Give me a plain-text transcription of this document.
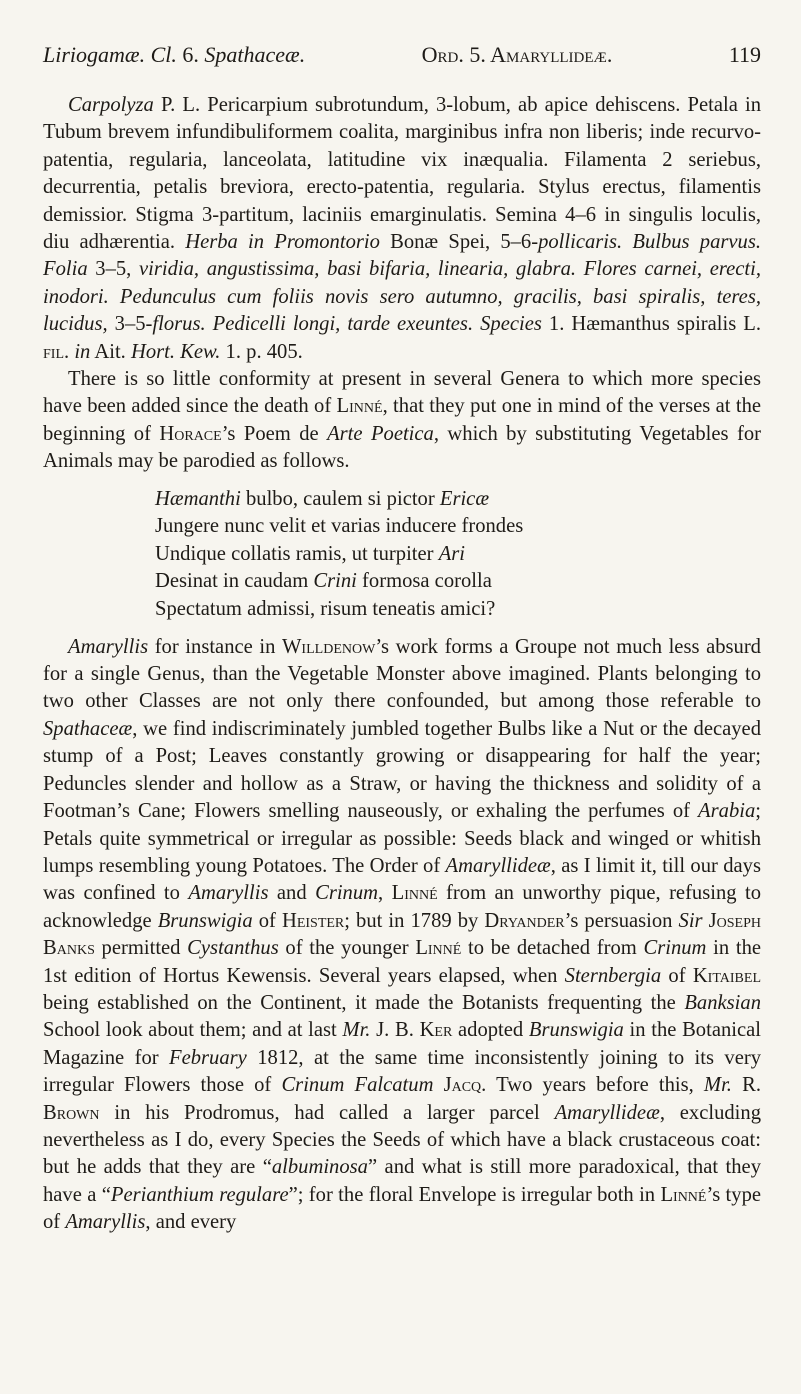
Liriogamæ. Cl. 6. Spathaceæ.	Ord. 5. Amaryllideæ.	119

Carpolyza P. L. Pericarpium subrotundum, 3-lobum, ab apice dehiscens. Petala in Tubum brevem infundibuliformem coalita, marginibus infra non liberis; inde recurvo-patentia, regularia, lanceolata, latitudine vix inæqualia. Filamenta 2 seriebus, decurrentia, petalis breviora, erecto-patentia, regularia. Stylus erectus, filamentis demissior. Stigma 3-partitum, laciniis emarginulatis. Semina 4–6 in singulis loculis, diu adhærentia. Herba in Promontorio Bonæ Spei, 5–6-pollicaris. Bulbus parvus. Folia 3–5, viridia, angustissima, basi bifaria, linearia, glabra. Flores carnei, erecti, inodori. Pedunculus cum foliis novis sero autumno, gracilis, basi spiralis, teres, lucidus, 3–5-florus. Pedicelli longi, tarde exeuntes. Species 1. Hæmanthus spiralis L. fil. in Ait. Hort. Kew. 1. p. 405.

There is so little conformity at present in several Genera to which more species have been added since the death of Linné, that they put one in mind of the verses at the beginning of Horace’s Poem de Arte Poetica, which by substituting Vegetables for Animals may be parodied as follows.

Hæmanthi bulbo, caulem si pictor Ericæ
Jungere nunc velit et varias inducere frondes
Undique collatis ramis, ut turpiter Ari
Desinat in caudam Crini formosa corolla
Spectatum admissi, risum teneatis amici?

Amaryllis for instance in Willdenow’s work forms a Groupe not much less absurd for a single Genus, than the Vegetable Monster above imagined. Plants belonging to two other Classes are not only there confounded, but among those referable to Spathaceæ, we find indiscriminately jumbled together Bulbs like a Nut or the decayed stump of a Post; Leaves constantly growing or disappearing for half the year; Peduncles slender and hollow as a Straw, or having the thickness and solidity of a Footman’s Cane; Flowers smelling nauseously, or exhaling the perfumes of Arabia; Petals quite symmetrical or irregular as possible: Seeds black and winged or whitish lumps resembling young Potatoes. The Order of Amaryllideæ, as I limit it, till our days was confined to Amaryllis and Crinum, Linné from an unworthy pique, refusing to acknowledge Brunswigia of Heister; but in 1789 by Dryander’s persuasion Sir Joseph Banks permitted Cystanthus of the younger Linné to be detached from Crinum in the 1st edition of Hortus Kewensis. Several years elapsed, when Sternbergia of Kitaibel being established on the Continent, it made the Botanists frequenting the Banksian School look about them; and at last Mr. J. B. Ker adopted Brunswigia in the Botanical Magazine for February 1812, at the same time inconsistently joining to its very irregular Flowers those of Crinum Falcatum Jacq. Two years before this, Mr. R. Brown in his Prodromus, had called a larger parcel Amaryllideæ, excluding nevertheless as I do, every Species the Seeds of which have a black crustaceous coat: but he adds that they are “albuminosa” and what is still more paradoxical, that they have a “Perianthium regulare”; for the floral Envelope is irregular both in Linné’s type of Amaryllis, and every
